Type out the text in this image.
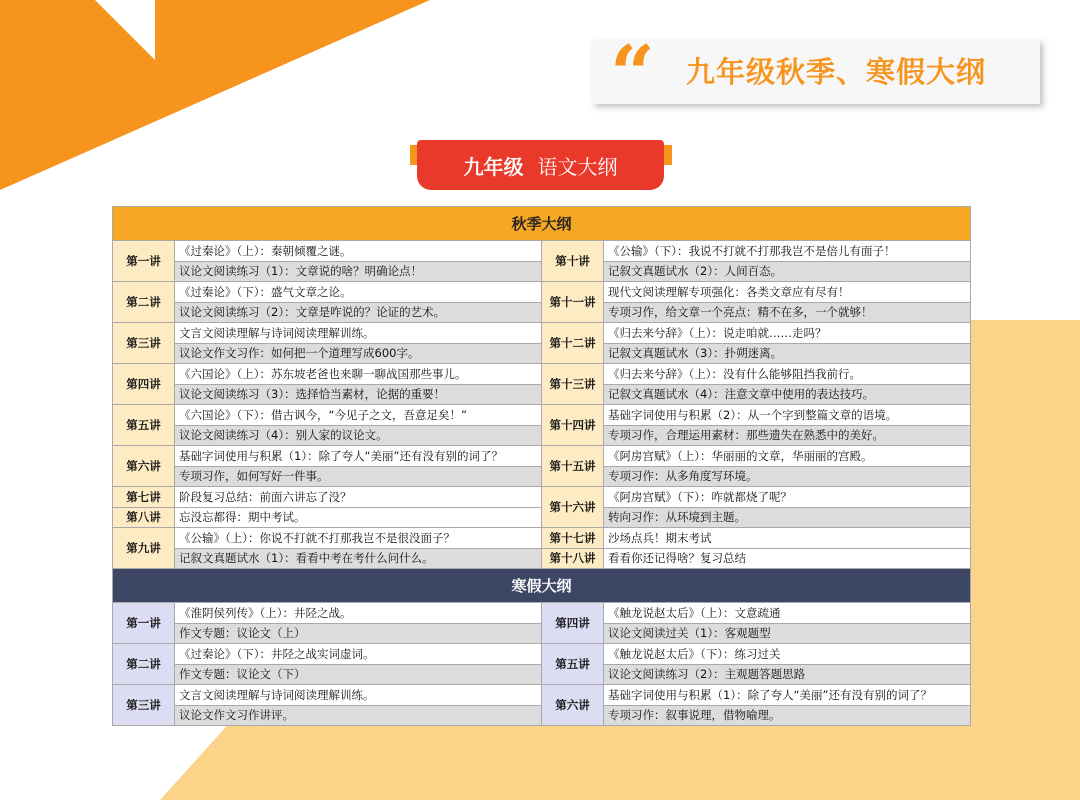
“ 九年级秋季、寒假大纲
九年级 语文大纲
秋季大纲			
第一讲	《过秦论》（上）：秦朝倾覆之谜。	第十讲	《公输》（下）：我说不打就不打那我岂不是倍儿有面子！
	议论文阅读练习（1）：文章说的啥？明确论点！		记叙文真题试水（2）：人间百态。
第二讲	《过秦论》（下）：盛气文章之论。	第十一讲	现代文阅读理解专项强化：各类文章应有尽有！
	议论文阅读练习（2）：文章是咋说的？论证的艺术。		专项习作，给文章一个亮点：精不在多，一个就够！
第三讲	文言文阅读理解与诗词阅读理解训练。	第十二讲	《归去来兮辞》（上）：说走咱就……走吗？
	议论文作文习作：如何把一个道理写成600字。		记叙文真题试水（3）：扑朔迷离。
第四讲	《六国论》（上）：苏东坡老爸也来聊一聊战国那些事儿。	第十三讲	《归去来兮辞》（上）：没有什么能够阻挡我前行。
	议论文阅读练习（3）：选择恰当素材，论据的重要！		记叙文真题试水（4）：注意文章中使用的表达技巧。
第五讲	《六国论》（下）：借古讽今，“今见子之文，吾意足矣！”	第十四讲	基础字词使用与积累（2）：从一个字到整篇文章的语境。
	议论文阅读练习（4）：别人家的议论文。		专项习作，合理运用素材：那些遗失在熟悉中的美好。
第六讲	基础字词使用与积累（1）：除了夸人“美丽”还有没有别的词了？	第十五讲	《阿房宫赋》（上）：华丽丽的文章，华丽丽的宫殿。
	专项习作，如何写好一件事。		专项习作：从多角度写环境。
第七讲	阶段复习总结：前面六讲忘了没？	第十六讲	《阿房宫赋》（下）：咋就都烧了呢？
第八讲	忘没忘都得：期中考试。		转向习作：从环境到主题。
第九讲	《公输》（上）：你说不打就不打那我岂不是很没面子？	第十七讲	沙场点兵！期末考试
	记叙文真题试水（1）：看看中考在考什么问什么。	第十八讲	看看你还记得啥？复习总结
寒假大纲			
第一讲	《淮阴侯列传》（上）：井陉之战。	第四讲	《触龙说赵太后》（上）：文意疏通
	作文专题：议论文（上）		议论文阅读过关（1）：客观题型
第二讲	《过秦论》（下）：井陉之战实词虚词。	第五讲	《触龙说赵太后》（下）：练习过关
	作文专题：议论文（下）		议论文阅读练习（2）：主观题答题思路
第三讲	文言文阅读理解与诗词阅读理解训练。	第六讲	基础字词使用与积累（1）：除了夸人“美丽”还有没有别的词了？
	议论文作文习作讲评。		专项习作：叙事说理，借物喻理。
